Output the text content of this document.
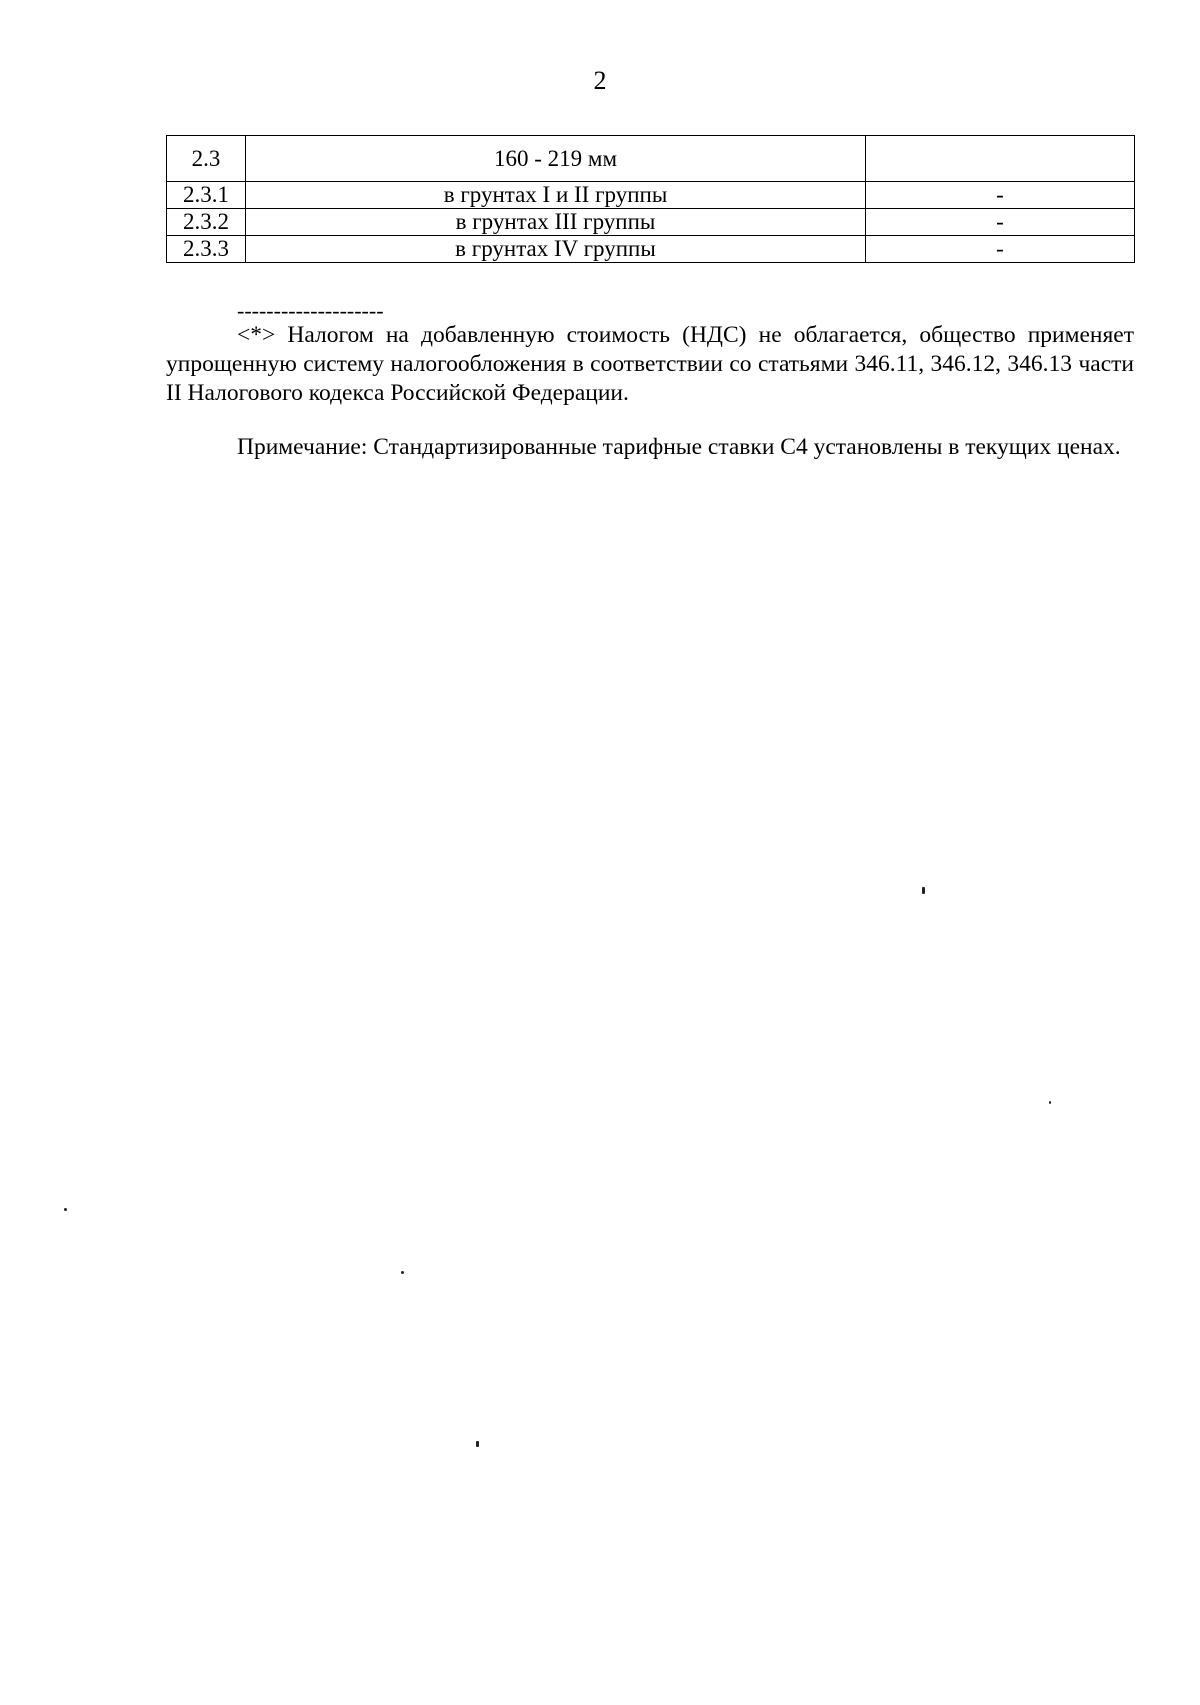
2
2.3	160 - 219 мм	
2.3.1	в грунтах I и II группы	-
2.3.2	в грунтах III группы	-
2.3.3	в грунтах IV группы	-
--------------------

<*> Налогом на добавленную стоимость (НДС) не облагается, общество применяет упрощенную систему налогообложения в соответствии со статьями 346.11, 346.12, 346.13 части II Налогового кодекса Российской Федерации.

Примечание: Стандартизированные тарифные ставки С4 установлены в текущих ценах.
